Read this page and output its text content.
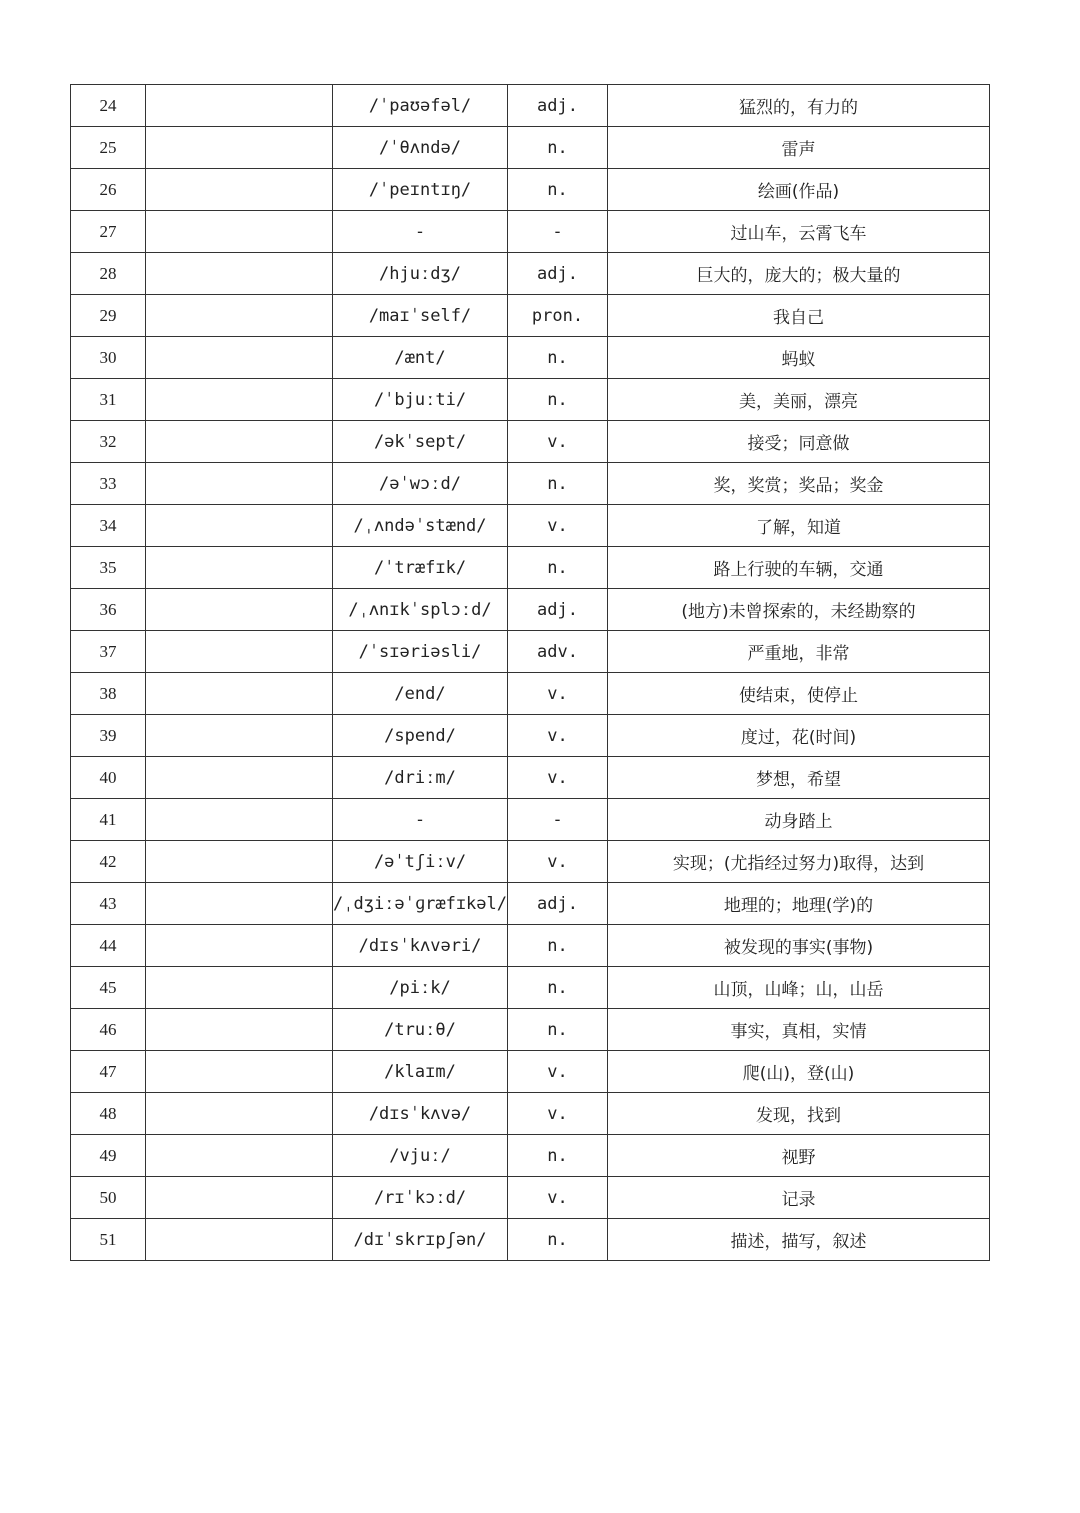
24		/ˈpaʊəfəl/	adj.	猛烈的，有力的
25		/ˈθʌndə/	n.	雷声
26		/ˈpeɪntɪŋ/	n.	绘画(作品)
27		-	-	过山车，云霄飞车
28		/hjuːdʒ/	adj.	巨大的，庞大的；极大量的
29		/maɪˈself/	pron.	我自己
30		/ænt/	n.	蚂蚁
31		/ˈbjuːti/	n.	美，美丽，漂亮
32		/əkˈsept/	v.	接受；同意做
33		/əˈwɔːd/	n.	奖，奖赏；奖品；奖金
34		/ˌʌndəˈstænd/	v.	了解，知道
35		/ˈtræfɪk/	n.	路上行驶的车辆，交通
36		/ˌʌnɪkˈsplɔːd/	adj.	(地方)未曾探索的，未经勘察的
37		/ˈsɪəriəsli/	adv.	严重地，非常
38		/end/	v.	使结束，使停止
39		/spend/	v.	度过，花(时间)
40		/driːm/	v.	梦想，希望
41		-	-	动身踏上
42		/əˈtʃiːv/	v.	实现；(尤指经过努力)取得，达到
43		/ˌdʒiːəˈɡræfɪkəl/	adj.	地理的；地理(学)的
44		/dɪsˈkʌvəri/	n.	被发现的事实(事物)
45		/piːk/	n.	山顶，山峰；山，山岳
46		/truːθ/	n.	事实，真相，实情
47		/klaɪm/	v.	爬(山)，登(山)
48		/dɪsˈkʌvə/	v.	发现，找到
49		/vjuː/	n.	视野
50		/rɪˈkɔːd/	v.	记录
51		/dɪˈskrɪpʃən/	n.	描述，描写，叙述
